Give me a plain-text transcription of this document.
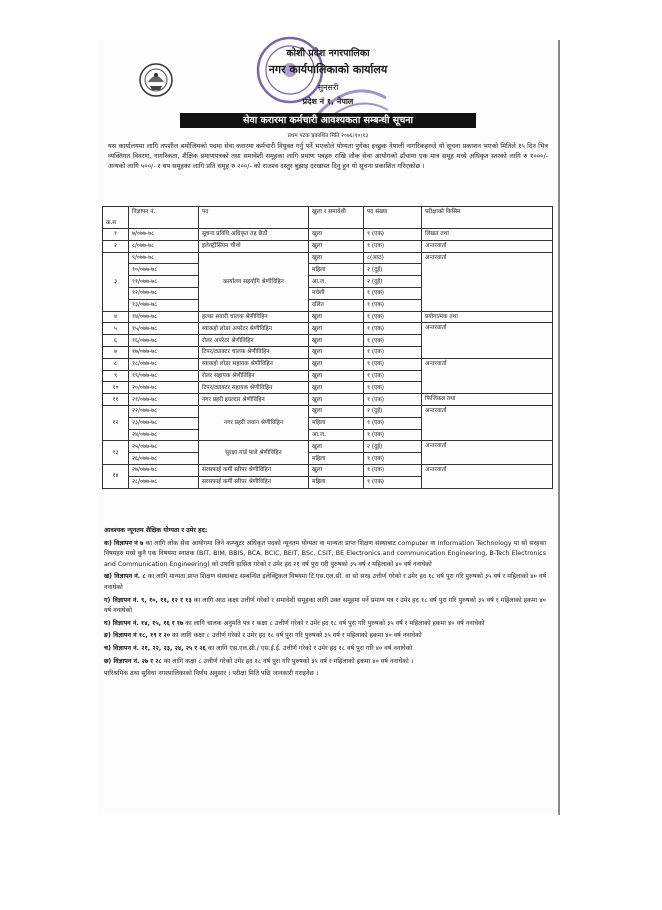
कोशी प्रदेश नगरपालिका
नगर कार्यपालिकाको कार्यालय
सुनसरी
प्रदेश नं १, नेपाल
सेवा करारमा कर्मचारी आवश्यकता सम्बन्धी सूचना
प्रथम पटक प्रकाशित मिति २०७६।१०।१३
यस कार्यालयमा लागि तपशील बमोजिमको पदमा सेवा करारमा कर्मचारी नियुक्त गर्नु पर्ने भएकोले योग्यता पुगेका इच्छुक नेपाली नागरिकहरुले यो सूचना प्रकाशन भएको मितिले १५ दिन भित्र व्यक्तिगत विवरण, नागरिकता, शैक्षिक प्रमाणपत्रको तथा समावेशी समूहका लागि प्रमाण पत्रहरु राखि लोक सेवा आयोगको ढाँचामा एक मात्र समूह मध्ये अधिकृत स्तरको लागि रु १०००/- अन्यको लागि ५००/- र थप समूहका लागि प्रति समूह रु २००/- को राजश्व दस्तुर बुझाइ दरखास्त दिनु हुन यो सूचना प्रकाशित गरिएकोछ ।
क्र.स	विज्ञापन नं.	पद	खुला र समावेशी	पद संख्या	परीक्षाको किसिम
१	७/०७७-७८	सूचना प्रविधि अधिकृत तह छैठौं	खुला	१ (एक)	लिखत तथा
२	८/०७७-७८	इलेक्ट्रीसियन चौथो	खुला	१ (एक)	अन्तरवार्ता
३	९/०७७-७८	कार्यालय सहयोगि श्रेणीविहिन	खुला	८(आठ)	अन्तरवार्ता
	१०/०७७-७८		महिला	२ (दुई)	
	११/०७७-७८		आ.ज.	२ (दुई)	
	१२/०७७-७८		मधेशी	१ (एक)	
	१३/०७७-७८		दलित	१ (एक)	
४	१४/०७७-७८	हल्का सवारी चालक श्रेणीविहिन	खुला	१ (एक)	प्रयोगात्मक तथा
५	१५/०७७-७८	ब्याकहो लोडर अपरेटर श्रेणीविहिन	खुला	१ (एक)	अन्तरवार्ता
६	१६/०७७-७८	रोलर अपरेटर श्रेणीविहिन	खुला	१ (एक)	
७	१७/०७७-७८	टिपर/ट्याक्टर चालक श्रेणीविहिन	खुला	१ (एक)	
८	१८/०७७-७८	ब्याकहो लोडर सहायक श्रेणीविहिन	खुला	१ (एक)	अन्तरवार्ता
९	१९/०७७-७८	रोलर सहायक श्रेणीविहिन	खुला	१ (एक)	
१०	२०/०७७-७८	टिपर/ट्याक्टर सहायक श्रेणीविहिन	खुला	१ (एक)	
११	२१/०७७-७८	नगर प्रहरी हवल्दार श्रेणीविहिन	खुला	१ (एक)	फिजिकल तथा
१२	२२/०७७-७८	नगर प्रहरी जवान श्रेणीविहिन	खुला	२ (दुई)	अन्तरवार्ता
	२३/०७७-७८		महिला	१ (एक)	
	२४/०७७-७८		आ.ज.	१ (एक)	
१३	२५/०७७-७८	सुरक्षा गार्ड पाले श्रेणीविहिन	खुला	२ (दुई)	अन्तरवार्ता
	२६/०७७-७८		महिला	१ (एक)	
१४	२७/०७७-७८	सरसफाई कर्मी स्वीपर श्रेणीविहिन	खुला	१ (एक)	अन्तरवार्ता
	२८/०७७-७८	सरसफाई कर्मी स्वीपर श्रेणीविहिन	महिला	१ (एक)	

आवश्यक न्यूनतम शैक्षिक योग्यता र उमेर हद:

क) विज्ञापन नं ७ का लागि लोक सेवा आयोगमा लिने कम्प्युटर अधिकृत पदको न्यूनतम योग्यता वा मान्यता प्राप्त शिक्षण संस्थाबाट computer वा Information Technology मा सो सरहका विषयहरु मध्ये कुनै एक विषयमा स्नातक (BIT, BIM, BBIS, BCA, BCIC, BEIT, BSc, CSIT, BE Electronics and communication Engineering, B-Tech Electronics and Communication Engineering) को उपाधि हासिल गरेको र उमेर हद २१ वर्ष पुरा गरी पुरुषको ३५ वर्ष र महिलाको ४० वर्ष ननाघेको

ख) विज्ञापन नं. ८ का लागि मान्यता प्राप्त शिक्षण संस्थाबाट सम्बन्धित इलेक्ट्रिकल विषयमा टि.एस.एल.सी. वा सो सरह उत्तीर्ण गरेको र उमेर हद १८ वर्ष पुरा गरि पुरुषको ३५ वर्ष र महिलाको ४० वर्ष ननाघेको

ग) विज्ञापन नं. ९, १०, ११, १२ र १३ का लागि आठ कक्षा उत्तीर्ण गरेको र समावेशी समूहका लागि उक्त समूहमा पर्ने प्रमाण पत्र र उमेर हद १८ वर्ष पुरा गरि पुरुषको ३५ वर्ष र महिलाको हकमा ४० वर्ष ननाघेको

घ) विज्ञापन नं. १४, १५, १६ र १७ का लागि चालक अनुमति पत्र र कक्षा ८ उत्तीर्ण गरेको र उमेर हद १८ वर्ष पुरा गरि पुरुषको ३५ वर्ष र महिलाको हकमा ४० वर्ष ननाघेको

ङ) विज्ञापन नं १८, १९ र २० का लागि कक्षा ८ उत्तीर्ण गरेको र उमेर हद १८ वर्ष पुरा गरि पुरुषको ३५ वर्ष र महिलाको हकमा ४० वर्ष ननाघेको

च) विज्ञापन नं. २१, २२, २३, २४, २५ र २६ का लागि एस.एल.सी./ एस.ई.ई. उत्तीर्ण गरेको र उमेर हद १८ वर्ष पुरा गरि ४० वर्ष ननाघेको

छ) विज्ञापन नं. २७ र २८ का लागि कक्षा ८ उत्तीर्ण गरेको उमेर हद १८ वर्ष पुरा गरि पुरुषको ३५ वर्ष र महिलाको हकमा ४० वर्ष ननाघेको ।

पारिश्रमिक तथा सुविधा नगरपालिकाको निर्णय अनुसार । परीक्षा मिति पछि जानकारी गराइनेछ ।
